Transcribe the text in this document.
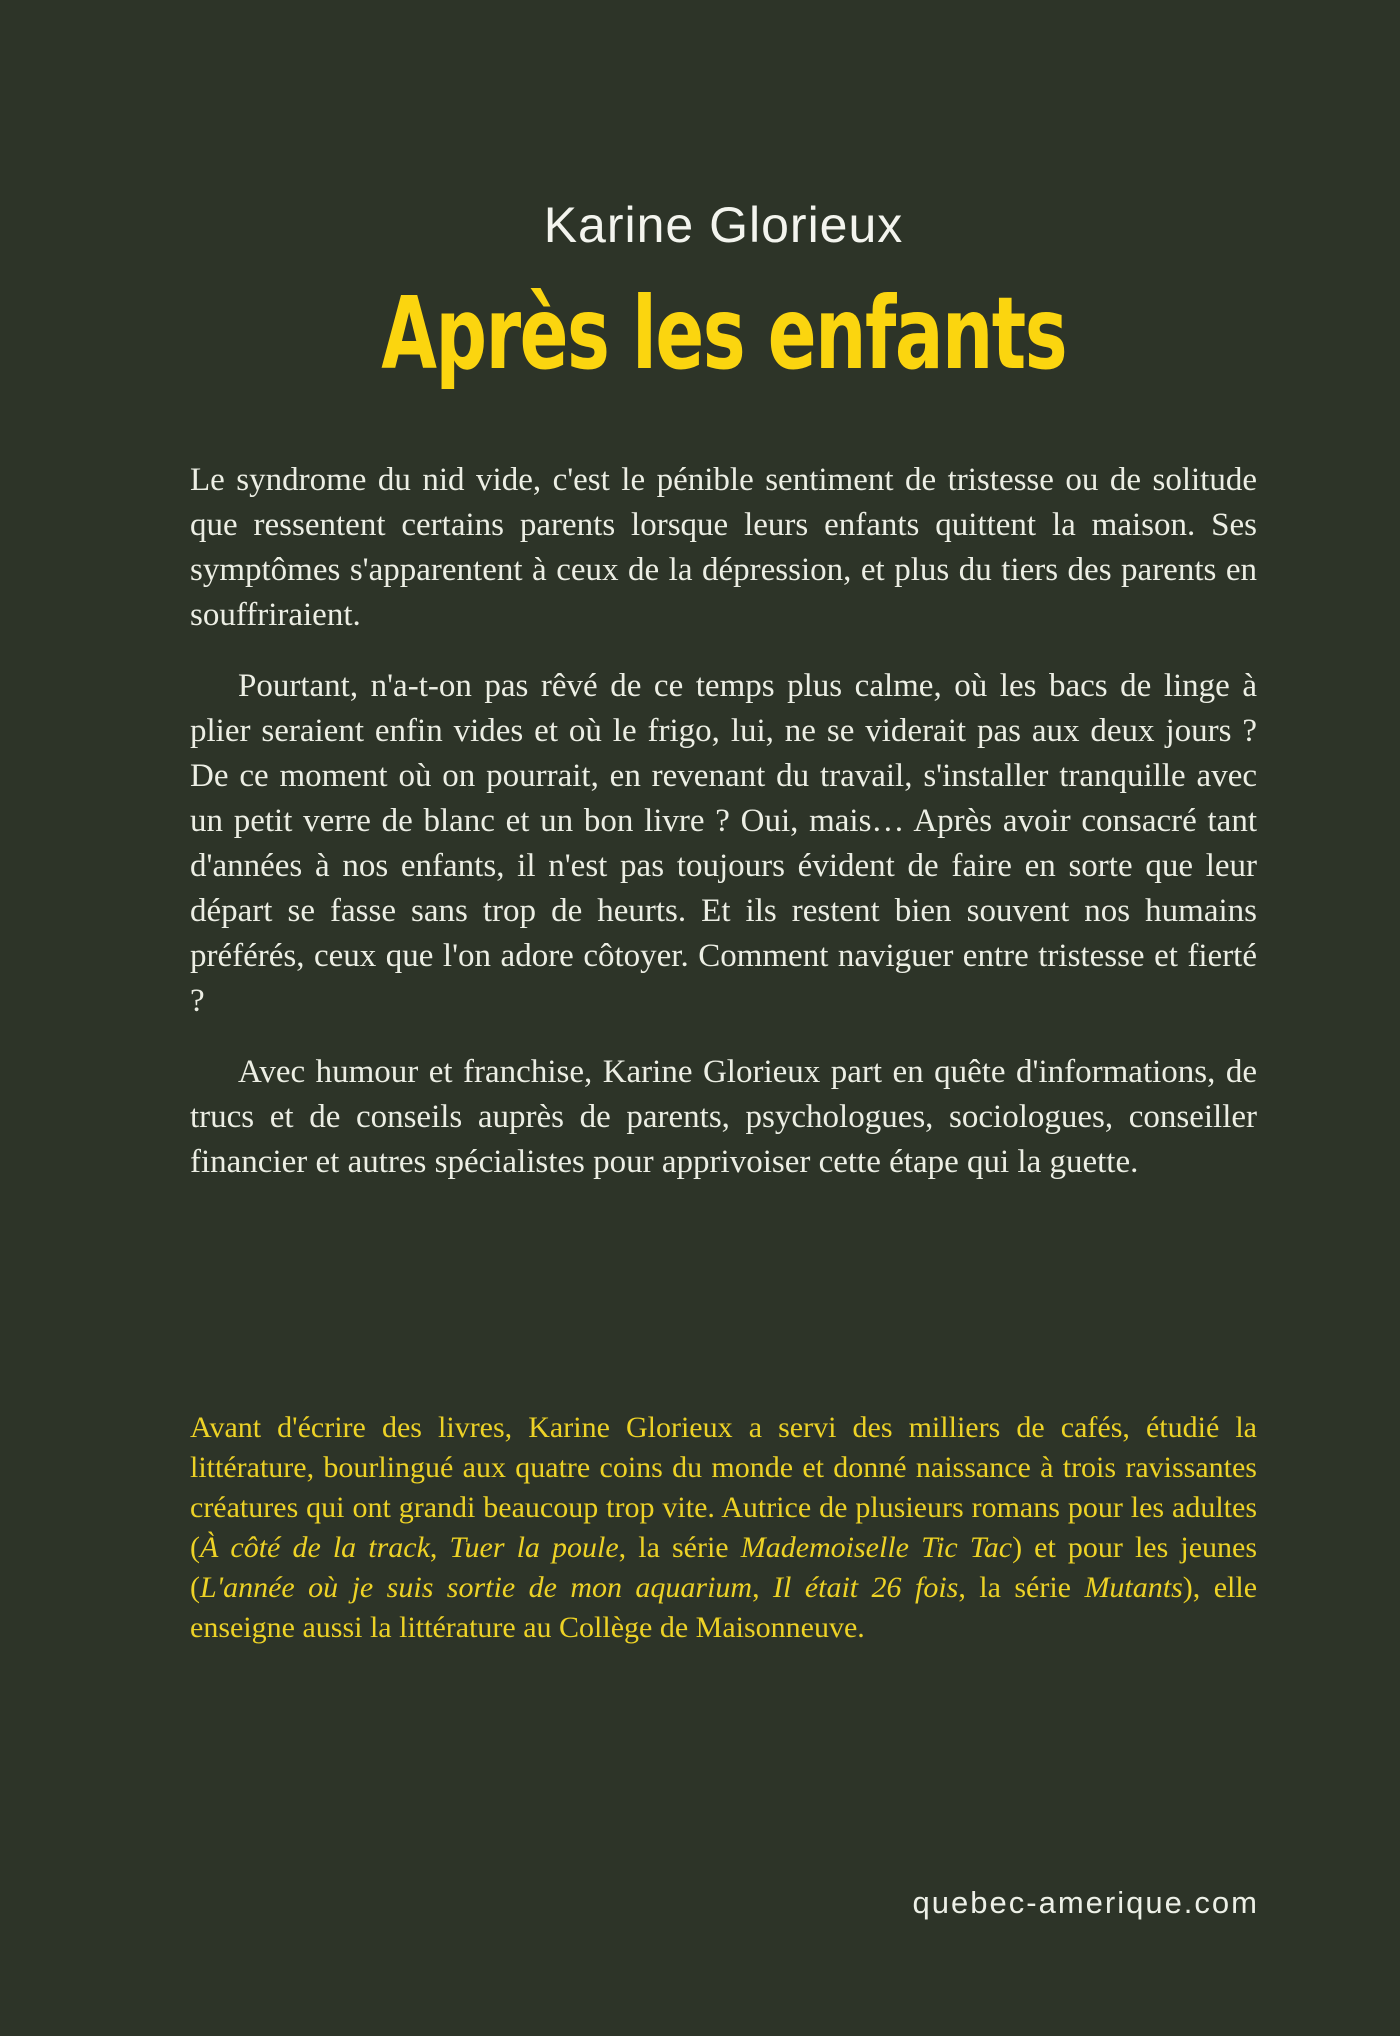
Karine Glorieux
Après les enfants

Le syndrome du nid vide, c'est le pénible sentiment de tristesse ou de solitude que ressentent certains parents lorsque leurs enfants quittent la maison. Ses symptômes s'apparentent à ceux de la dépression, et plus du tiers des parents en souffriraient.

Pourtant, n'a-t-on pas rêvé de ce temps plus calme, où les bacs de linge à plier seraient enfin vides et où le frigo, lui, ne se viderait pas aux deux jours ? De ce moment où on pourrait, en revenant du travail, s'installer tranquille avec un petit verre de blanc et un bon livre ? Oui, mais… Après avoir consacré tant d'années à nos enfants, il n'est pas toujours évident de faire en sorte que leur départ se fasse sans trop de heurts. Et ils restent bien souvent nos humains préférés, ceux que l'on adore côtoyer. Comment naviguer entre tristesse et fierté ?

Avec humour et franchise, Karine Glorieux part en quête d'informations, de trucs et de conseils auprès de parents, psychologues, sociologues, conseiller financier et autres spécialistes pour apprivoiser cette étape qui la guette.

Avant d'écrire des livres, Karine Glorieux a servi des milliers de cafés, étudié la littérature, bourlingué aux quatre coins du monde et donné naissance à trois ravissantes créatures qui ont grandi beaucoup trop vite. Autrice de plusieurs romans pour les adultes (À côté de la track, Tuer la poule, la série Mademoiselle Tic Tac) et pour les jeunes (L'année où je suis sortie de mon aquarium, Il était 26 fois, la série Mutants), elle enseigne aussi la littérature au Collège de Maisonneuve.
quebec-amerique.com
